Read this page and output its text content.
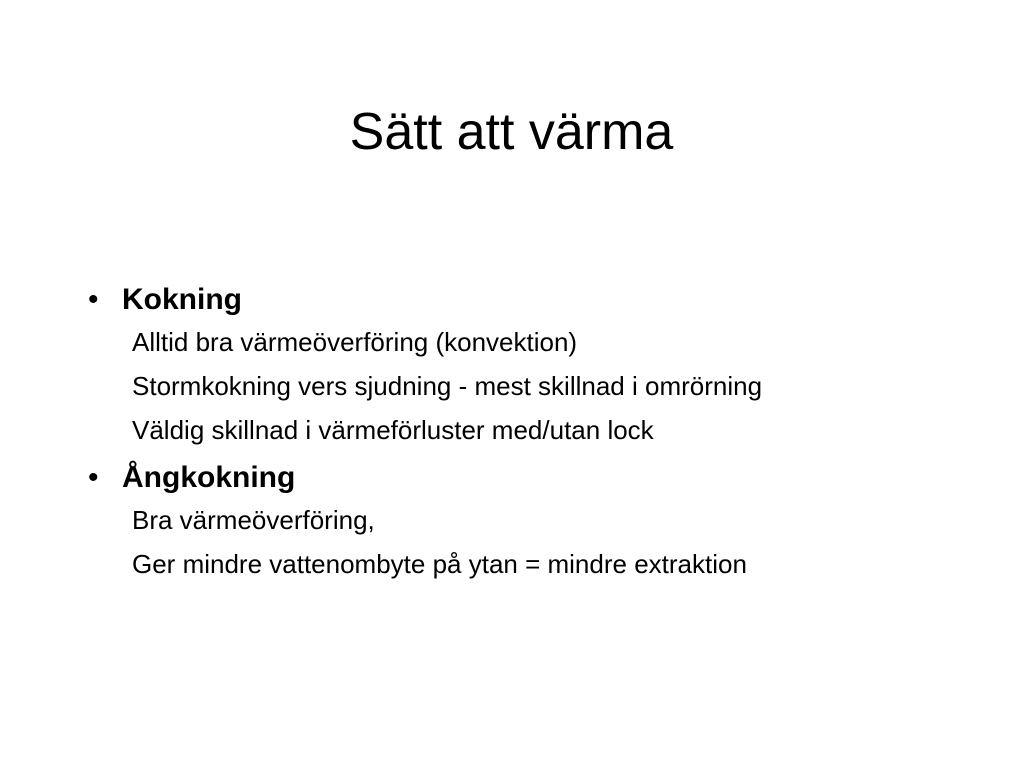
Sätt att värma
• Kokning
Alltid bra värmeöverföring (konvektion)
Stormkokning vers sjudning - mest skillnad i omrörning
Väldig skillnad i värmeförluster med/utan lock
• Ångkokning
Bra värmeöverföring,
Ger mindre vattenombyte på ytan = mindre extraktion
